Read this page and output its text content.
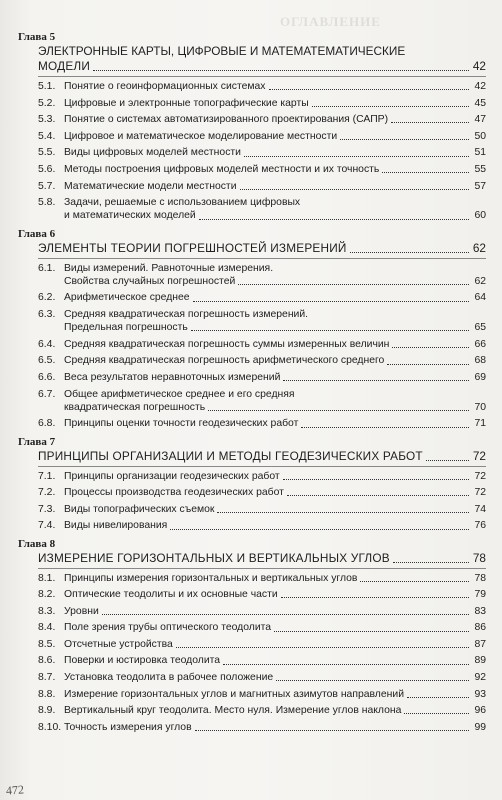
ОГЛАВЛЕНИЕ
Глава 5
ЭЛЕКТРОННЫЕ КАРТЫ, ЦИФРОВЫЕ И МАТЕМАТЕМАТИЧЕСКИЕ
МОДЕЛИ	42
5.1. Понятие о геоинформационных системах	42
5.2. Цифровые и электронные топографические карты	45
5.3. Понятие о системах автоматизированного проектирования (САПР)	47
5.4. Цифровое и математическое моделирование местности	50
5.5. Виды цифровых моделей местности	51
5.6. Методы построения цифровых моделей местности и их точность	55
5.7. Математические модели местности	57
5.8. Задачи, решаемые с использованием цифровых
и математических моделей	60
Глава 6
ЭЛЕМЕНТЫ ТЕОРИИ ПОГРЕШНОСТЕЙ ИЗМЕРЕНИЙ	62
6.1. Виды измерений. Равноточные измерения.
Свойства случайных погрешностей	62
6.2. Арифметическое среднее	64
6.3. Средняя квадратическая погрешность измерений.
Предельная погрешность	65
6.4. Средняя квадратическая погрешность суммы измеренных величин	66
6.5. Средняя квадратическая погрешность арифметического среднего	68
6.6. Веса результатов неравноточных измерений	69
6.7. Общее арифметическое среднее и его средняя
квадратическая погрешность	70
6.8. Принципы оценки точности геодезических работ	71
Глава 7
ПРИНЦИПЫ ОРГАНИЗАЦИИ И МЕТОДЫ ГЕОДЕЗИЧЕСКИХ РАБОТ	72
7.1. Принципы организации геодезических работ	72
7.2. Процессы производства геодезических работ	72
7.3. Виды топографических съемок	74
7.4. Виды нивелирования	76
Глава 8
ИЗМЕРЕНИЕ ГОРИЗОНТАЛЬНЫХ И ВЕРТИКАЛЬНЫХ УГЛОВ	78
8.1. Принципы измерения горизонтальных и вертикальных углов	78
8.2. Оптические теодолиты и их основные части	79
8.3. Уровни	83
8.4. Поле зрения трубы оптического теодолита	86
8.5. Отсчетные устройства	87
8.6. Поверки и юстировка теодолита	89
8.7. Установка теодолита в рабочее положение	92
8.8. Измерение горизонтальных углов и магнитных азимутов направлений	93
8.9. Вертикальный круг теодолита. Место нуля. Измерение углов наклона	96
8.10. Точность измерения углов	99
472
